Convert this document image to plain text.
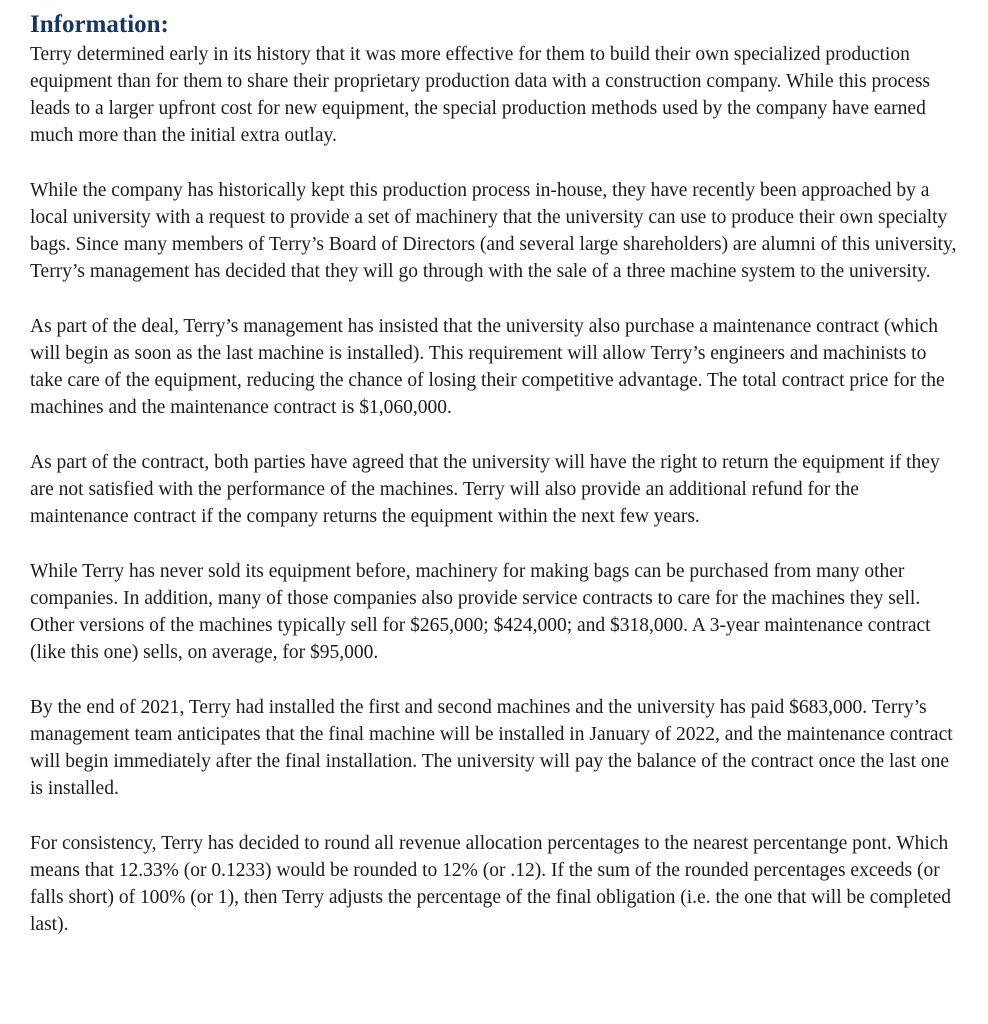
Information:

Terry determined early in its history that it was more effective for them to build their own specialized production equipment than for them to share their proprietary production data with a construction company. While this process leads to a larger upfront cost for new equipment, the special production methods used by the company have earned much more than the initial extra outlay.

While the company has historically kept this production process in-house, they have recently been approached by a local university with a request to provide a set of machinery that the university can use to produce their own specialty bags. Since many members of Terry’s Board of Directors (and several large shareholders) are alumni of this university, Terry’s management has decided that they will go through with the sale of a three machine system to the university.

As part of the deal, Terry’s management has insisted that the university also purchase a maintenance contract (which will begin as soon as the last machine is installed). This requirement will allow Terry’s engineers and machinists to take care of the equipment, reducing the chance of losing their competitive advantage. The total contract price for the machines and the maintenance contract is $1,060,000.

As part of the contract, both parties have agreed that the university will have the right to return the equipment if they are not satisfied with the performance of the machines. Terry will also provide an additional refund for the maintenance contract if the company returns the equipment within the next few years.

While Terry has never sold its equipment before, machinery for making bags can be purchased from many other companies. In addition, many of those companies also provide service contracts to care for the machines they sell. Other versions of the machines typically sell for $265,000; $424,000; and $318,000. A 3-year maintenance contract (like this one) sells, on average, for $95,000.

By the end of 2021, Terry had installed the first and second machines and the university has paid $683,000. Terry’s management team anticipates that the final machine will be installed in January of 2022, and the maintenance contract will begin immediately after the final installation. The university will pay the balance of the contract once the last one is installed.

For consistency, Terry has decided to round all revenue allocation percentages to the nearest percentange pont. Which means that 12.33% (or 0.1233) would be rounded to 12% (or .12). If the sum of the rounded percentages exceeds (or falls short) of 100% (or 1), then Terry adjusts the percentage of the final obligation (i.e. the one that will be completed last).
